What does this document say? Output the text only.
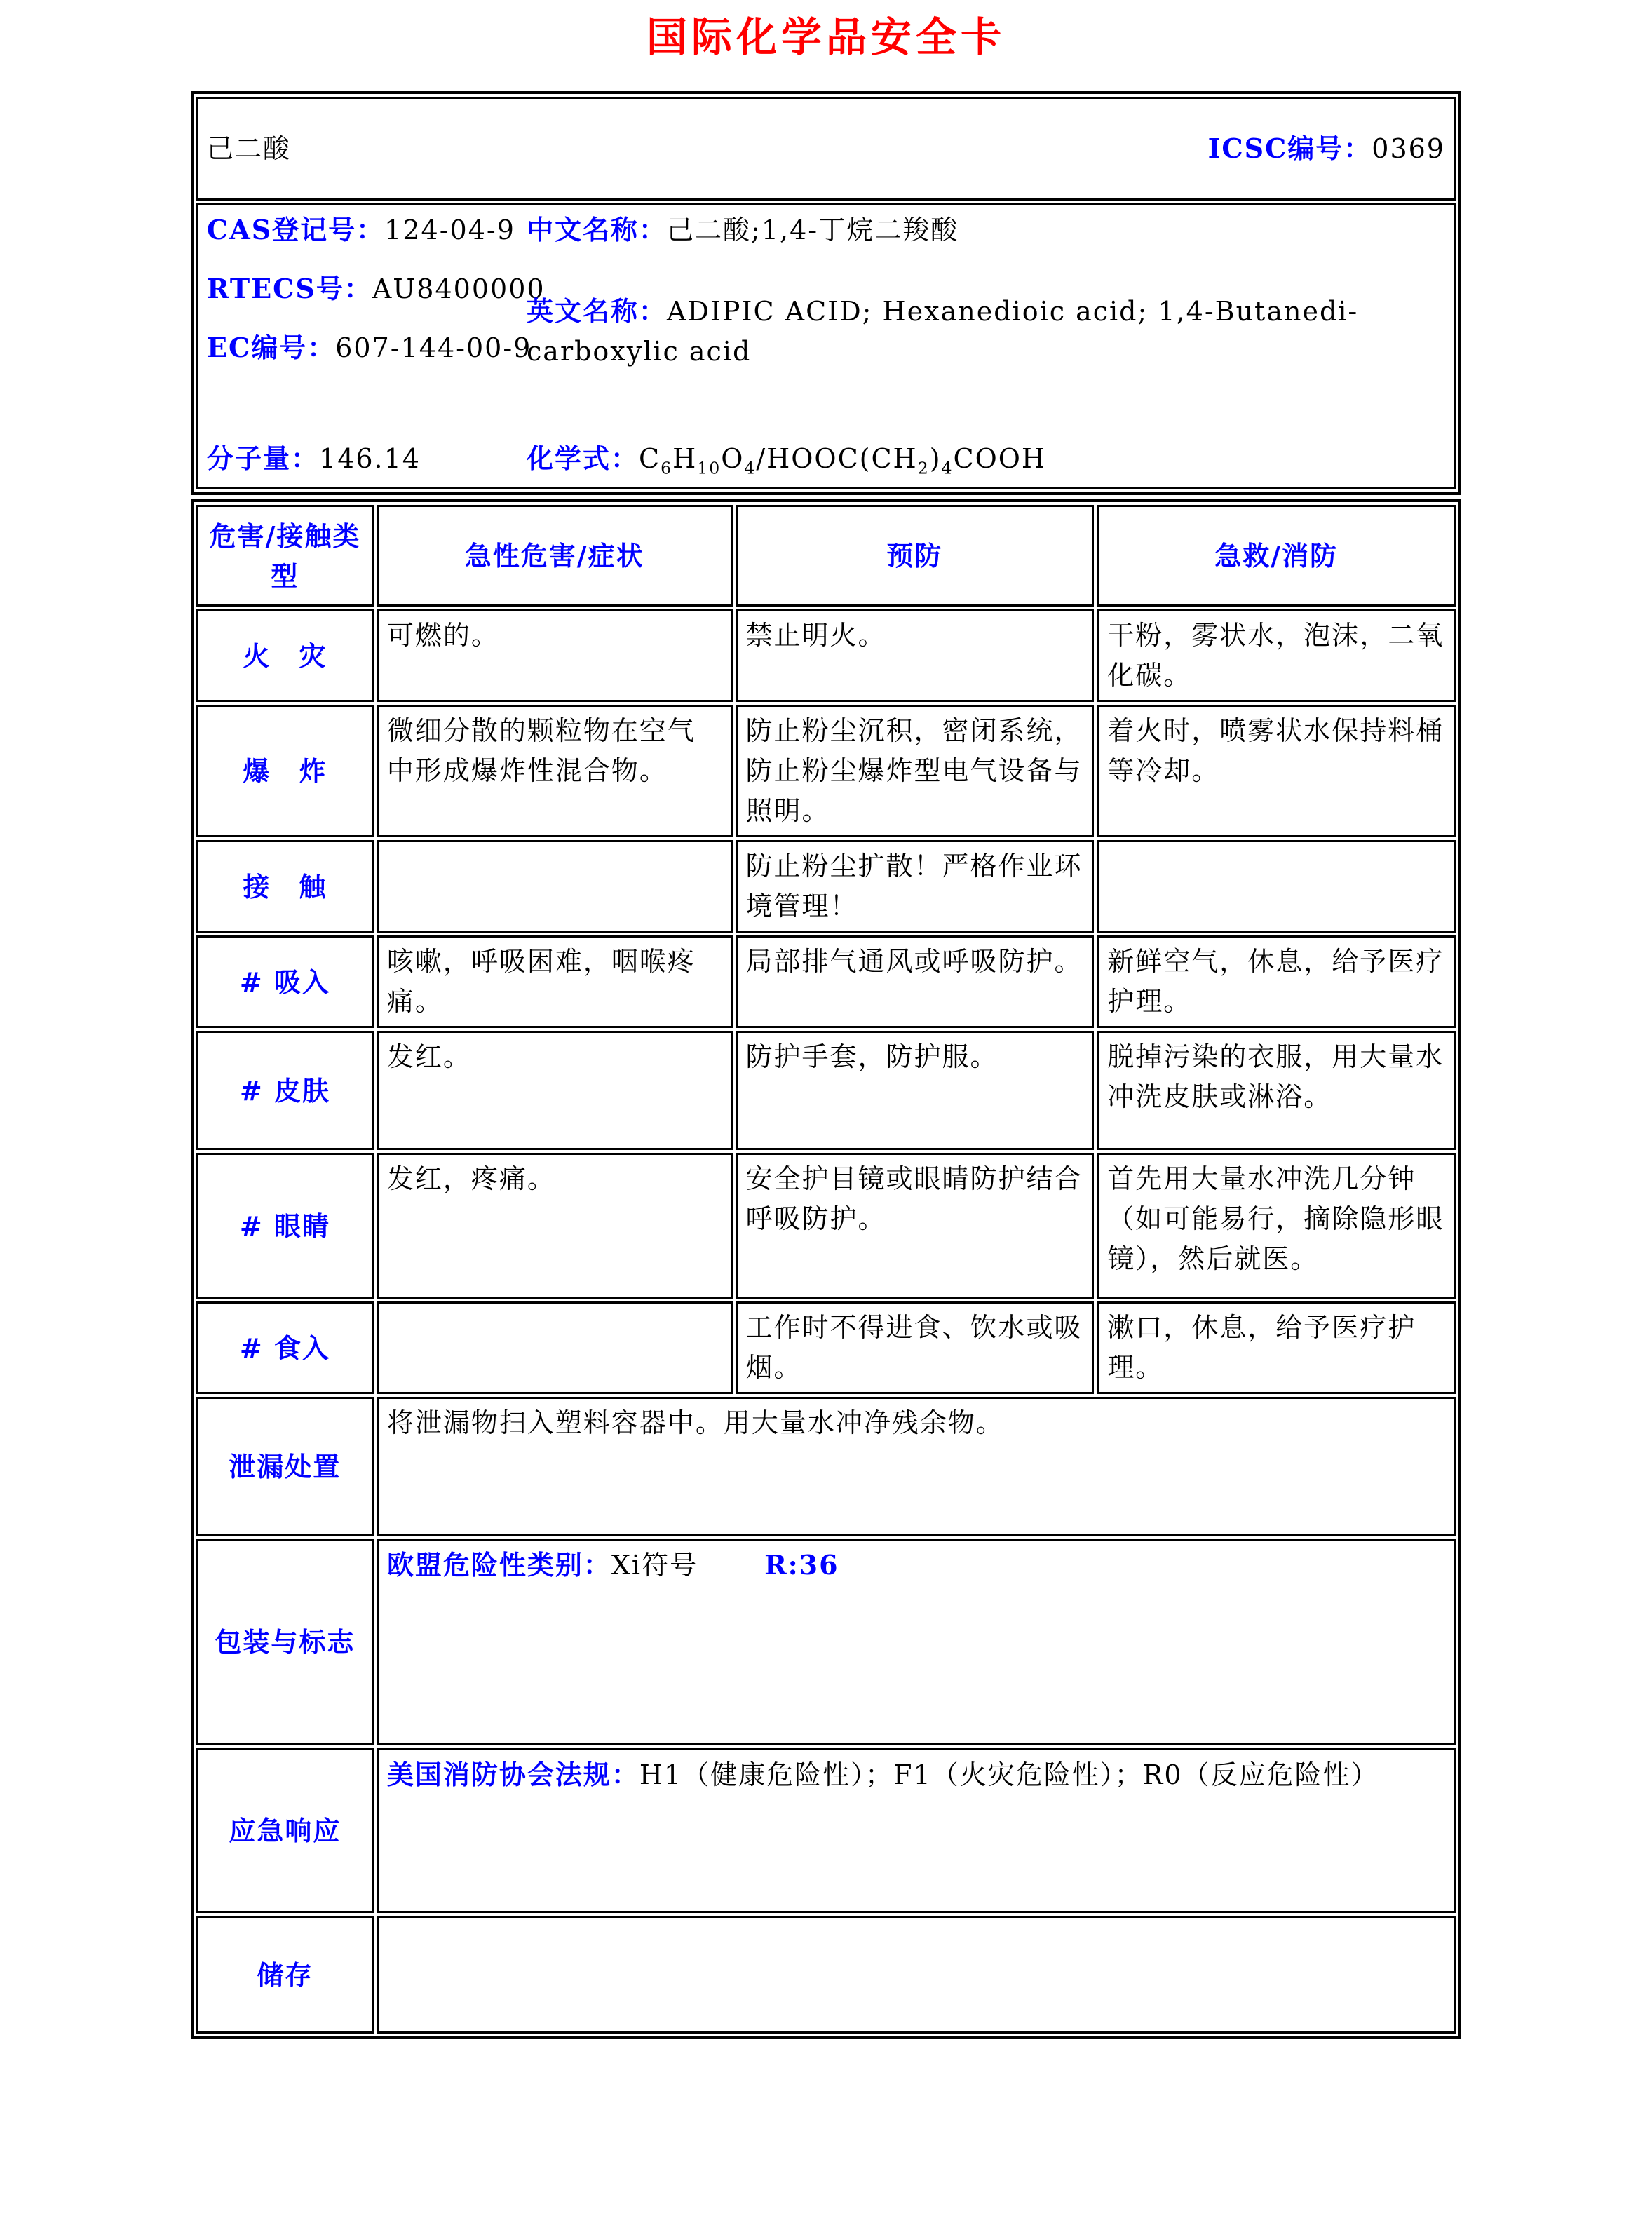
国际化学品安全卡
己二酸	ICSC编号：0369

CAS登记号：124-04-9
RTECS号：AU8400000
EC编号：607-144-00-9
中文名称：己二酸;1,4-丁烷二羧酸
英文名称：ADIPIC ACID; Hexanedioic acid; 1,4-Butanedi-carboxylic acid
分子量：146.14	化学式：$C_6H_{10}O_4/HOOC(CH_2)_4COOH$
危害/接触类型	急性危害/症状	预防	急救/消防
火　灾	可燃的。	禁止明火。	干粉，雾状水，泡沫，二氧化碳。
爆　炸	微细分散的颗粒物在空气中形成爆炸性混合物。	防止粉尘沉积，密闭系统，防止粉尘爆炸型电气设备与照明。	着火时，喷雾状水保持料桶等冷却。
接　触		防止粉尘扩散！严格作业环境管理！	
# 吸入	咳嗽，呼吸困难，咽喉疼痛。	局部排气通风或呼吸防护。	新鲜空气，休息，给予医疗护理。
# 皮肤	发红。	防护手套，防护服。	脱掉污染的衣服，用大量水冲洗皮肤或淋浴。
# 眼睛	发红，疼痛。	安全护目镜或眼睛防护结合呼吸防护。	首先用大量水冲洗几分钟（如可能易行，摘除隐形眼镜），然后就医。
# 食入		工作时不得进食、饮水或吸烟。	漱口，休息，给予医疗护理。
泄漏处置	将泄漏物扫入塑料容器中。用大量水冲净残余物。		
包装与标志	欧盟危险性类别：Xi符号 R:36		
应急响应	美国消防协会法规：H1（健康危险性）；F1（火灾危险性）；R0（反应危险性）		
储存			
